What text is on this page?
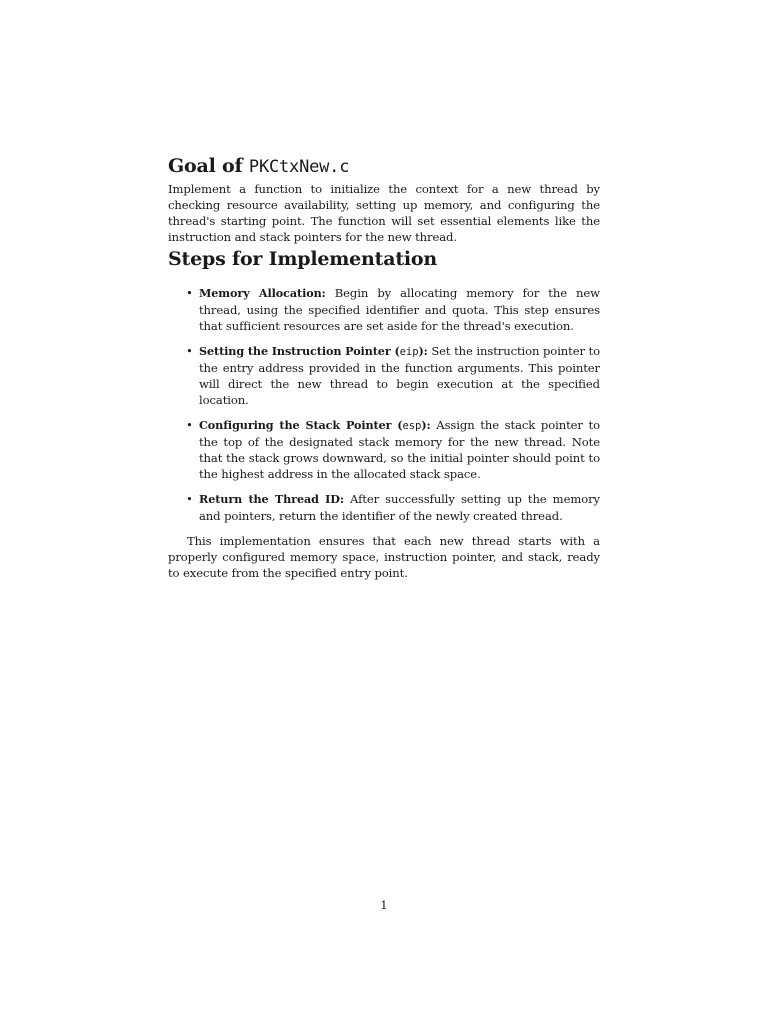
Goal of PKCtxNew.c

Implement a function to initialize the context for a new thread by checking resource availability, setting up memory, and configuring the thread's starting point. The function will set essential elements like the instruction and stack pointers for the new thread.

Steps for Implementation
• Memory Allocation: Begin by allocating memory for the new thread, using the specified identifier and quota. This step ensures that sufficient resources are set aside for the thread's execution.
• Setting the Instruction Pointer (eip): Set the instruction pointer to the entry address provided in the function arguments. This pointer will direct the new thread to begin execution at the specified location.
• Configuring the Stack Pointer (esp): Assign the stack pointer to the top of the designated stack memory for the new thread. Note that the stack grows downward, so the initial pointer should point to the highest address in the allocated stack space.
• Return the Thread ID: After successfully setting up the memory and pointers, return the identifier of the newly created thread.

This implementation ensures that each new thread starts with a properly configured memory space, instruction pointer, and stack, ready to execute from the specified entry point.

1
